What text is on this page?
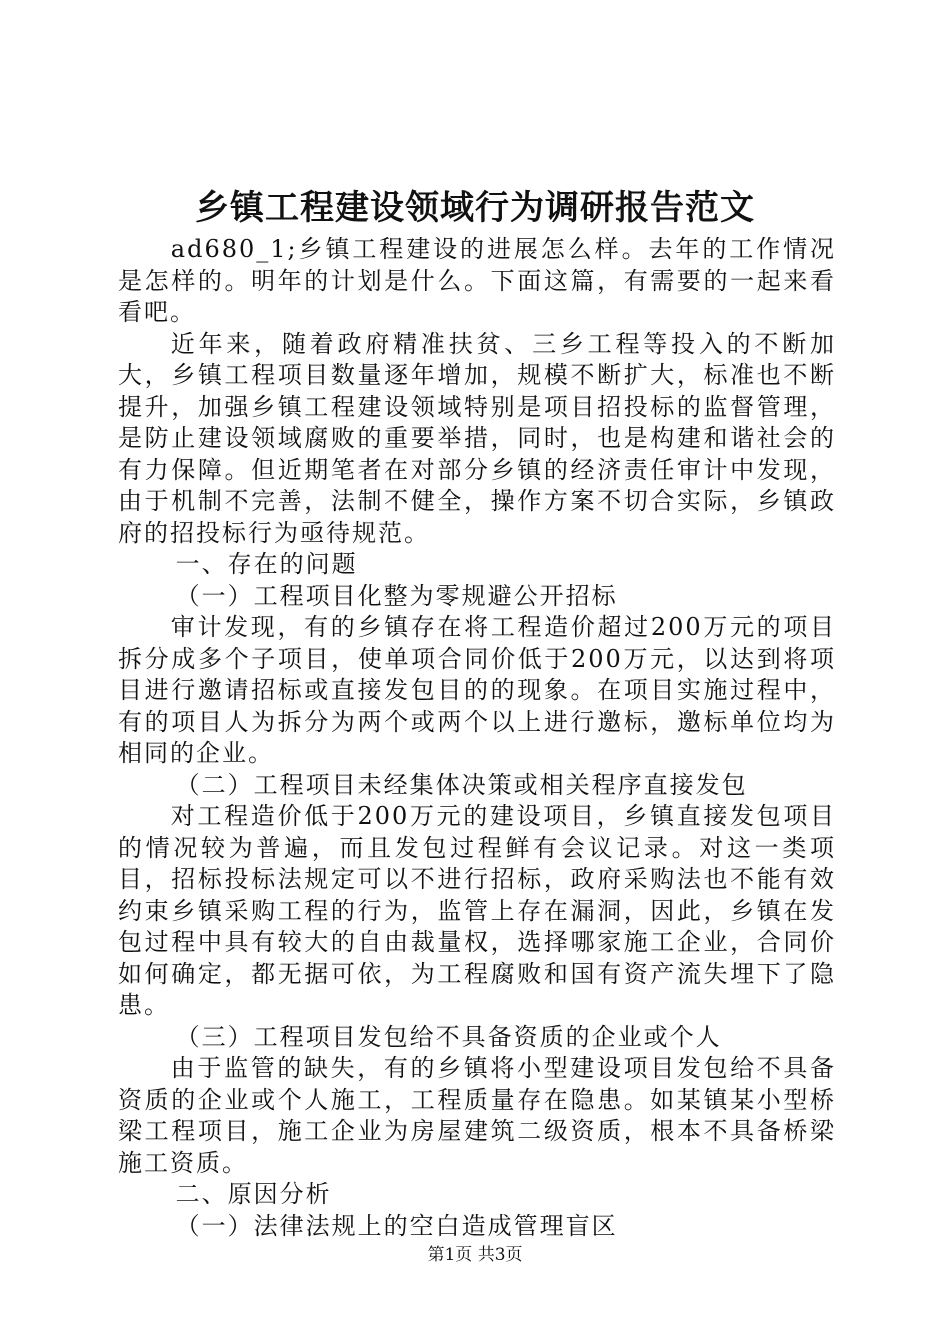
乡镇工程建设领域行为调研报告范文

ad680_1;乡镇工程建设的进展怎么样。去年的工作情况是怎样的。明年的计划是什么。下面这篇，有需要的一起来看看吧。

近年来，随着政府精准扶贫、三乡工程等投入的不断加大，乡镇工程项目数量逐年增加，规模不断扩大，标准也不断提升，加强乡镇工程建设领域特别是项目招投标的监督管理，是防止建设领域腐败的重要举措，同时，也是构建和谐社会的有力保障。但近期笔者在对部分乡镇的经济责任审计中发现，由于机制不完善，法制不健全，操作方案不切合实际，乡镇政府的招投标行为亟待规范。

一、存在的问题

（一）工程项目化整为零规避公开招标

审计发现，有的乡镇存在将工程造价超过200万元的项目拆分成多个子项目，使单项合同价低于200万元，以达到将项目进行邀请招标或直接发包目的的现象。在项目实施过程中，有的项目人为拆分为两个或两个以上进行邀标，邀标单位均为相同的企业。

（二）工程项目未经集体决策或相关程序直接发包

对工程造价低于200万元的建设项目，乡镇直接发包项目的情况较为普遍，而且发包过程鲜有会议记录。对这一类项目，招标投标法规定可以不进行招标，政府采购法也不能有效约束乡镇采购工程的行为，监管上存在漏洞，因此，乡镇在发包过程中具有较大的自由裁量权，选择哪家施工企业，合同价如何确定，都无据可依，为工程腐败和国有资产流失埋下了隐患。

（三）工程项目发包给不具备资质的企业或个人

由于监管的缺失，有的乡镇将小型建设项目发包给不具备资质的企业或个人施工，工程质量存在隐患。如某镇某小型桥梁工程项目，施工企业为房屋建筑二级资质，根本不具备桥梁施工资质。

二、原因分析

（一）法律法规上的空白造成管理盲区

第1页 共3页
